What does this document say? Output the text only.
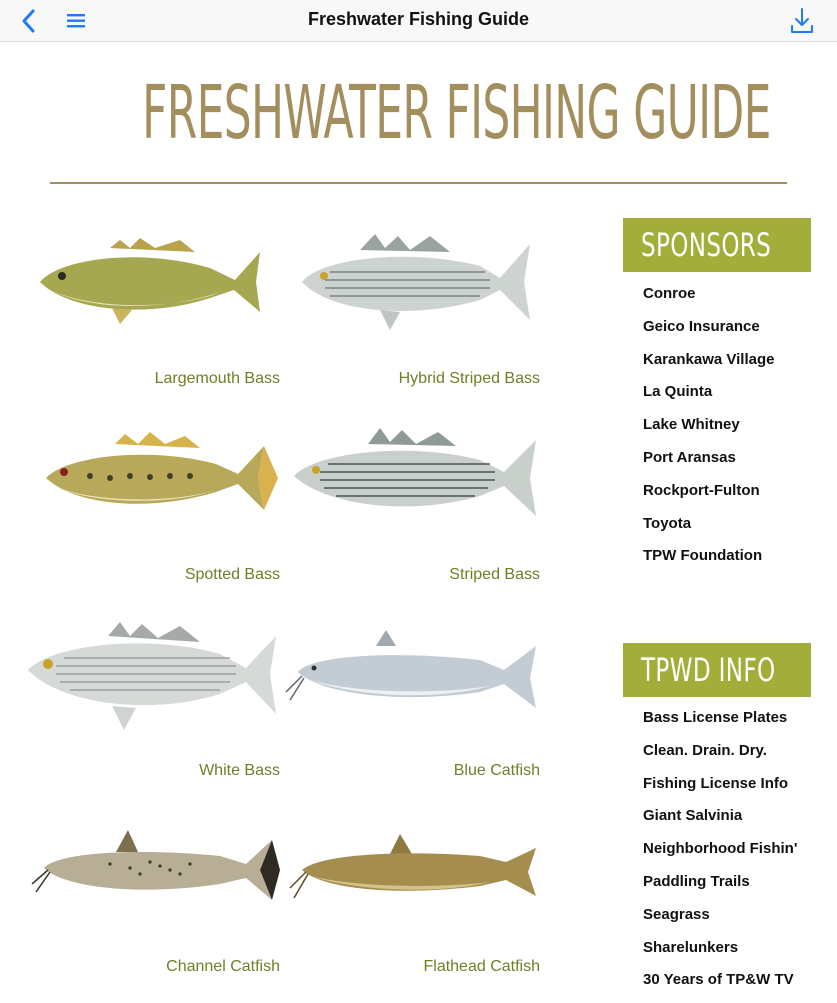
Freshwater Fishing Guide
FRESHWATER FISHING GUIDE
Largemouth Bass	Hybrid Striped Bass
Spotted Bass	Striped Bass
White Bass	Blue Catfish
Channel Catfish	Flathead Catfish
SPONSORS
Conroe
Geico Insurance
Karankawa Village
La Quinta
Lake Whitney
Port Aransas
Rockport-Fulton
Toyota
TPW Foundation
TPWD INFO
Bass License Plates
Clean. Drain. Dry.
Fishing License Info
Giant Salvinia
Neighborhood Fishin'
Paddling Trails
Seagrass
Sharelunkers
30 Years of TP&W TV
